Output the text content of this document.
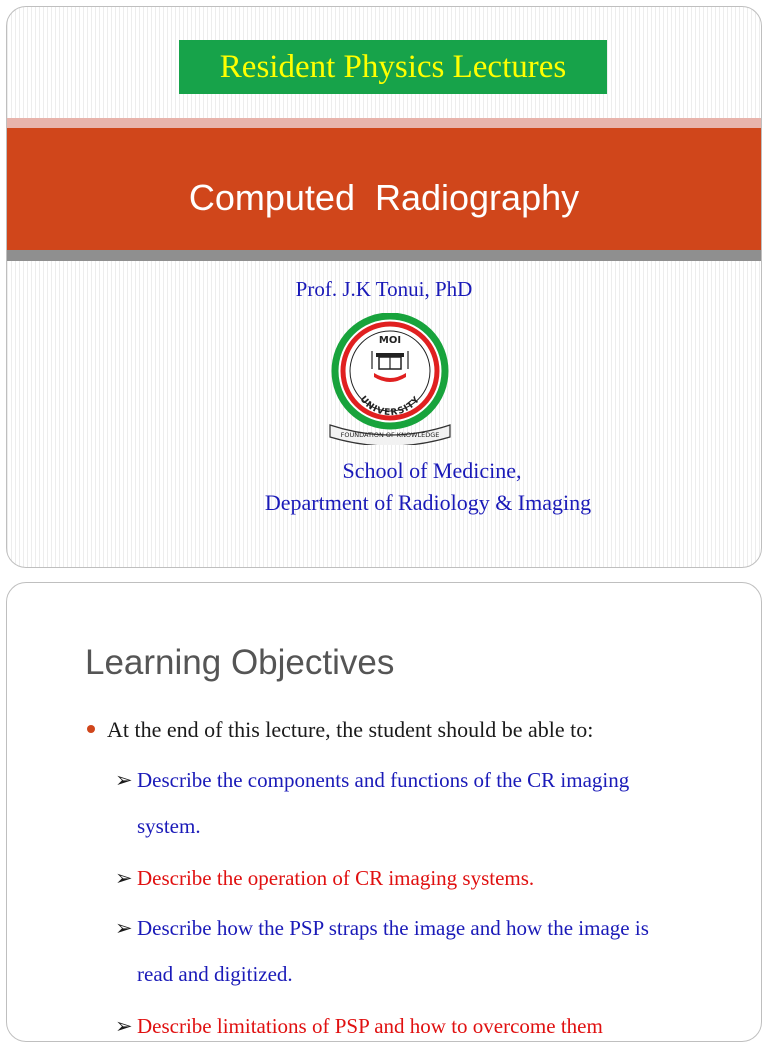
Resident Physics Lectures
Computed  Radiography
Prof. J.K Tonui, PhD
MOI
UNIVERSITY
FOUNDATION OF KNOWLEDGE
School of Medicine,
Department of Radiology & Imaging
Learning Objectives
At the end of this lecture, the student should be able to:
➢ Describe the components and functions of the CR imaging
system.
➢ Describe the operation of CR imaging systems.
➢ Describe how the PSP straps the image and how the image is
read and digitized.
➢ Describe limitations of PSP and how to overcome them
